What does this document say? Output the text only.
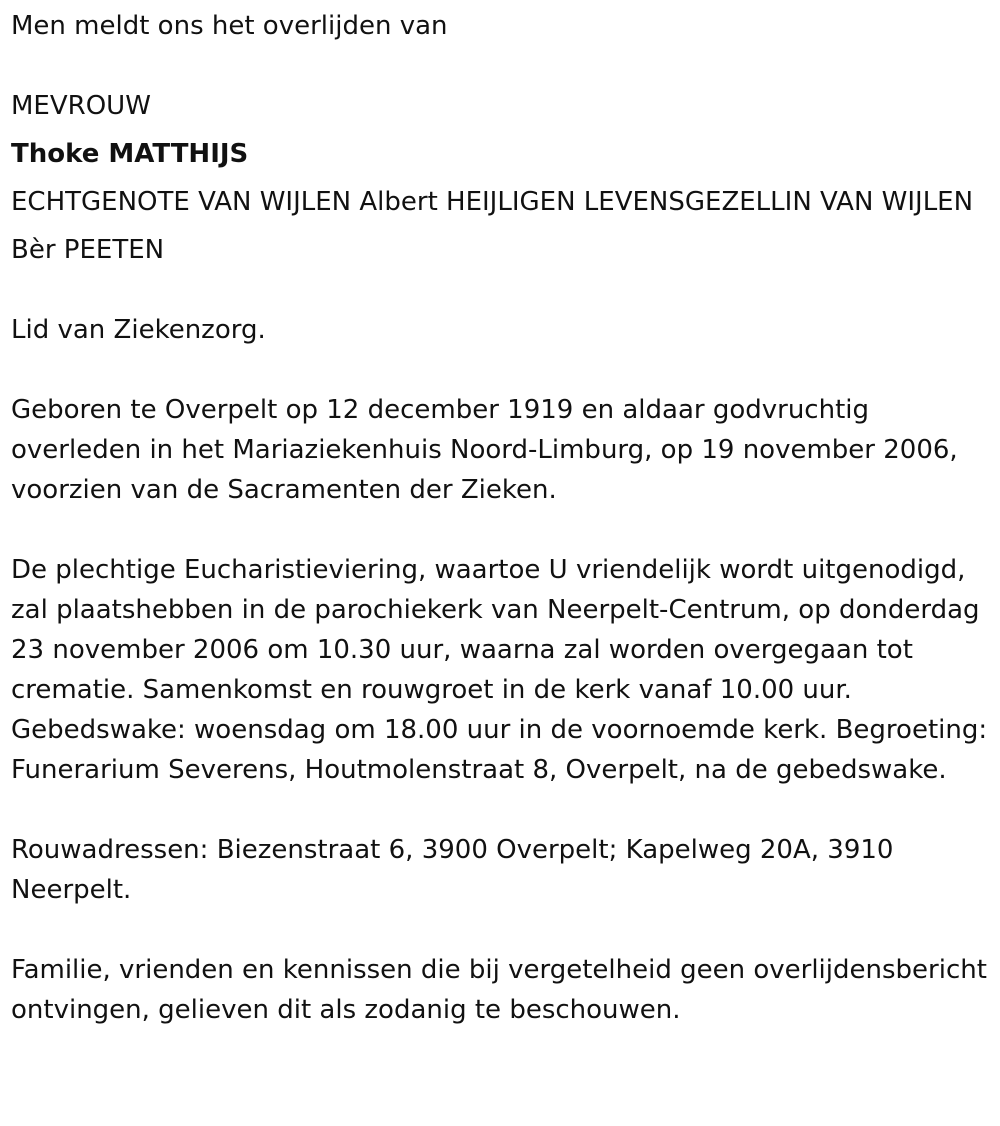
Men meldt ons het overlijden van

MEVROUW

Thoke MATTHIJS

ECHTGENOTE VAN WIJLEN Albert HEIJLIGEN LEVENSGEZELLIN VAN WIJLEN

Bèr PEETEN

Lid van Ziekenzorg.

Geboren te Overpelt op 12 december 1919 en aldaar godvruchtig overleden in het Mariaziekenhuis Noord-Limburg, op 19 november 2006, voorzien van de Sacramenten der Zieken.

De plechtige Eucharistieviering, waartoe U vriendelijk wordt uitgenodigd, zal plaatshebben in de parochiekerk van Neerpelt-Centrum, op donderdag 23 november 2006 om 10.30 uur, waarna zal worden overgegaan tot crematie. Samenkomst en rouwgroet in de kerk vanaf 10.00 uur. Gebedswake: woensdag om 18.00 uur in de voornoemde kerk. Begroeting: Funerarium Severens, Houtmolenstraat 8, Overpelt, na de gebedswake.

Rouwadressen: Biezenstraat 6, 3900 Overpelt; Kapelweg 20A, 3910 Neerpelt.

Familie, vrienden en kennissen die bij vergetelheid geen overlijdensbericht ontvingen, gelieven dit als zodanig te beschouwen.
